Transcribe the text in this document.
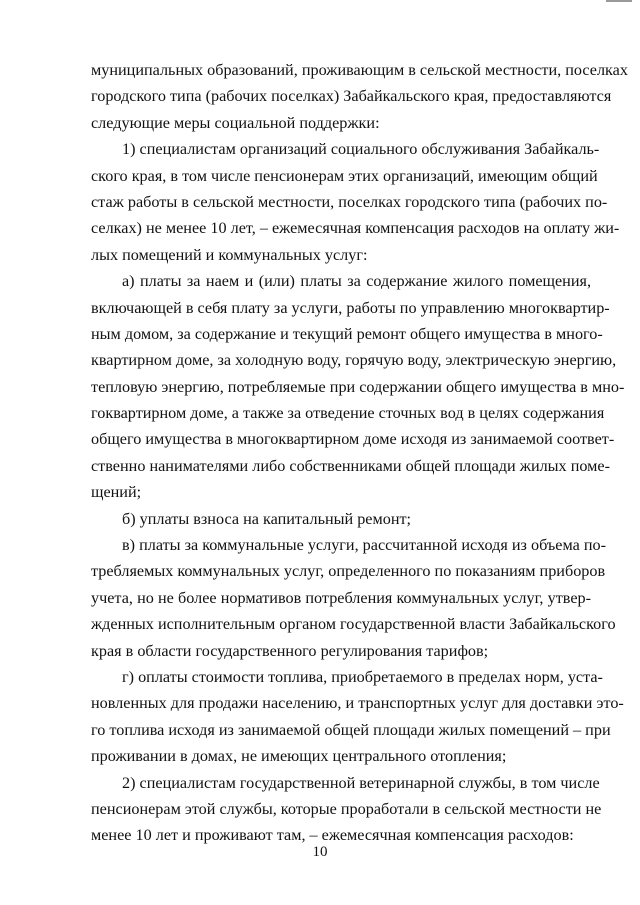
муниципальных образований, проживающим в сельской местности, поселках
городского типа (рабочих поселках) Забайкальского края, предоставляются
следующие меры социальной поддержки:
1) специалистам организаций социального обслуживания Забайкаль-
ского края, в том числе пенсионерам этих организаций, имеющим общий
стаж работы в сельской местности, поселках городского типа (рабочих по-
селках) не менее 10 лет, – ежемесячная компенсация расходов на оплату жи-
лых помещений и коммунальных услуг:
а) платы за наем и (или) платы за содержание жилого помещения,
включающей в себя плату за услуги, работы по управлению многоквартир-
ным домом, за содержание и текущий ремонт общего имущества в много-
квартирном доме, за холодную воду, горячую воду, электрическую энергию,
тепловую энергию, потребляемые при содержании общего имущества в мно-
гоквартирном доме, а также за отведение сточных вод в целях содержания
общего имущества в многоквартирном доме исходя из занимаемой соответ-
ственно нанимателями либо собственниками общей площади жилых поме-
щений;
б) уплаты взноса на капитальный ремонт;
в) платы за коммунальные услуги, рассчитанной исходя из объема по-
требляемых коммунальных услуг, определенного по показаниям приборов
учета, но не более нормативов потребления коммунальных услуг, утвер-
жденных исполнительным органом государственной власти Забайкальского
края в области государственного регулирования тарифов;
г) оплаты стоимости топлива, приобретаемого в пределах норм, уста-
новленных для продажи населению, и транспортных услуг для доставки это-
го топлива исходя из занимаемой общей площади жилых помещений – при
проживании в домах, не имеющих центрального отопления;
2) специалистам государственной ветеринарной службы, в том числе
пенсионерам этой службы, которые проработали в сельской местности не
менее 10 лет и проживают там, – ежемесячная компенсация расходов:
10
